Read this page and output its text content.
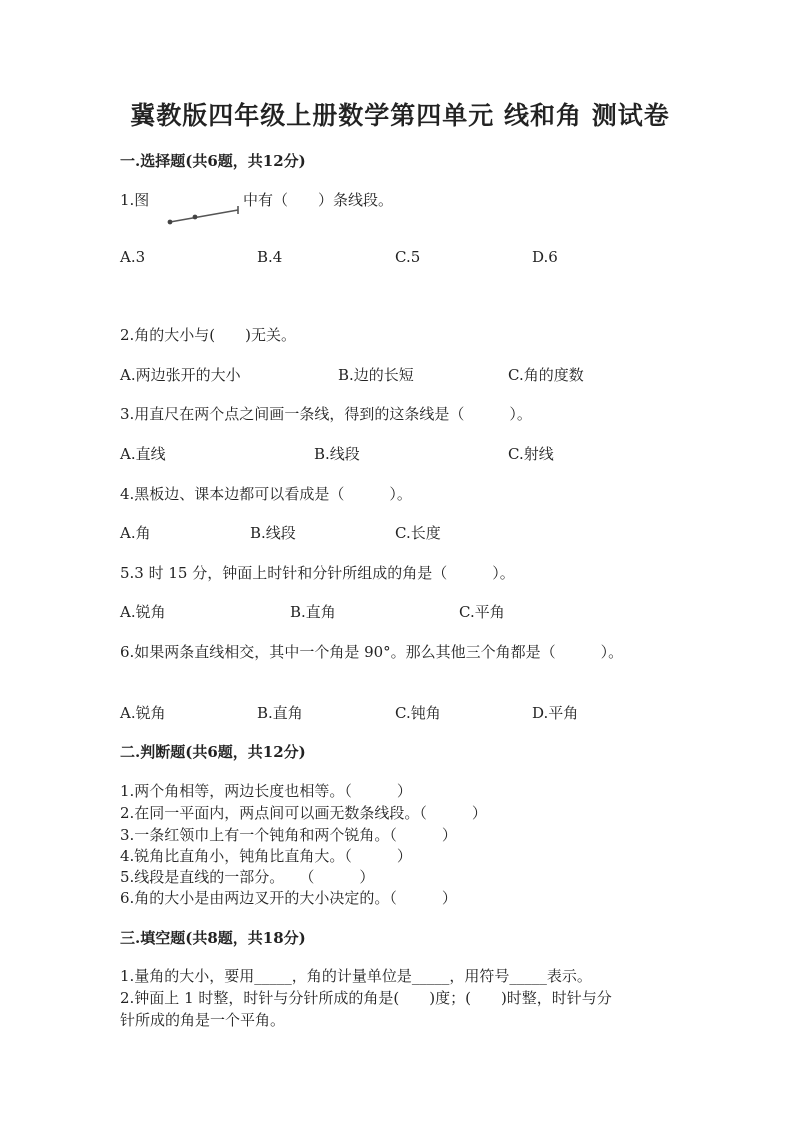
冀教版四年级上册数学第四单元 线和角 测试卷
一.选择题(共6题，共12分)
1.图	中有（　　）条线段。
A.3	B.4	C.5	D.6
2.角的大小与(　　)无关。
A.两边张开的大小	B.边的长短	C.角的度数
3.用直尺在两个点之间画一条线，得到的这条线是（　　　）。
A.直线	B.线段	C.射线
4.黑板边、课本边都可以看成是（　　　）。
A.角	B.线段	C.长度
5.3 时 15 分，钟面上时针和分针所组成的角是（　　　）。
A.锐角	B.直角	C.平角
6.如果两条直线相交，其中一个角是 90°。那么其他三个角都是（　　　）。
A.锐角	B.直角	C.钝角	D.平角
二.判断题(共6题，共12分)
1.两个角相等，两边长度也相等。（　　　）
2.在同一平面内，两点间可以画无数条线段。（　　　）
3.一条红领巾上有一个钝角和两个锐角。（　　　）
4.锐角比直角小，钝角比直角大。（　　　）
5.线段是直线的一部分。　　（　　　）
6.角的大小是由两边叉开的大小决定的。（　　　）
三.填空题(共8题，共18分)
1.量角的大小，要用_____，角的计量单位是_____，用符号_____表示。
2.钟面上 1 时整，时针与分针所成的角是(　　)度；(　　)时整，时针与分
针所成的角是一个平角。
